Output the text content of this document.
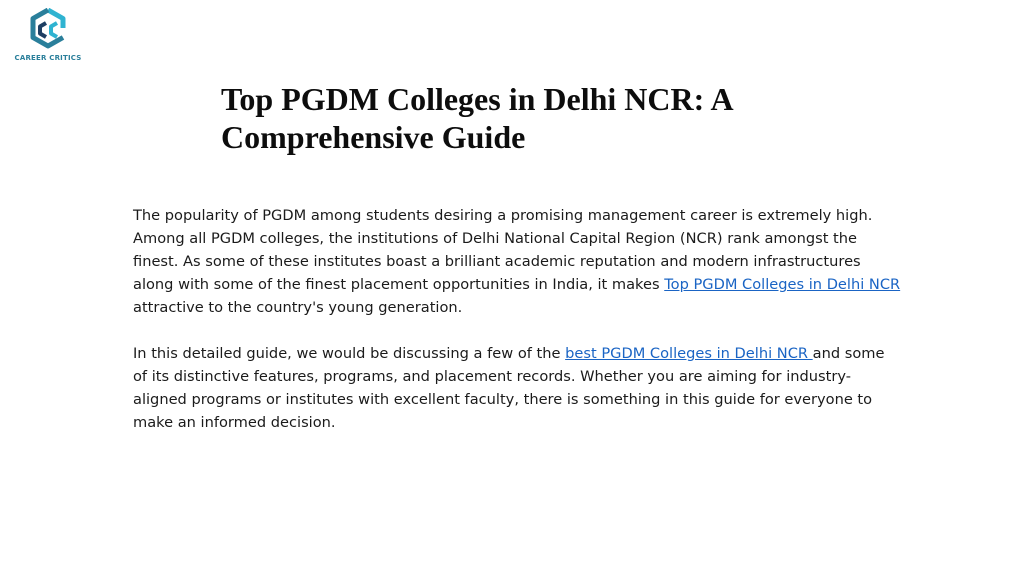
CAREER CRITICS
Top PGDM Colleges in Delhi NCR: A Comprehensive Guide

The popularity of PGDM among students desiring a promising management career is extremely high. Among all PGDM colleges, the institutions of Delhi National Capital Region (NCR) rank amongst the finest. As some of these institutes boast a brilliant academic reputation and modern infrastructures along with some of the finest placement opportunities in India, it makes Top PGDM Colleges in Delhi NCR attractive to the country's young generation.

In this detailed guide, we would be discussing a few of the best PGDM Colleges in Delhi NCR and some of its distinctive features, programs, and placement records. Whether you are aiming for industry-aligned programs or institutes with excellent faculty, there is something in this guide for everyone to make an informed decision.
